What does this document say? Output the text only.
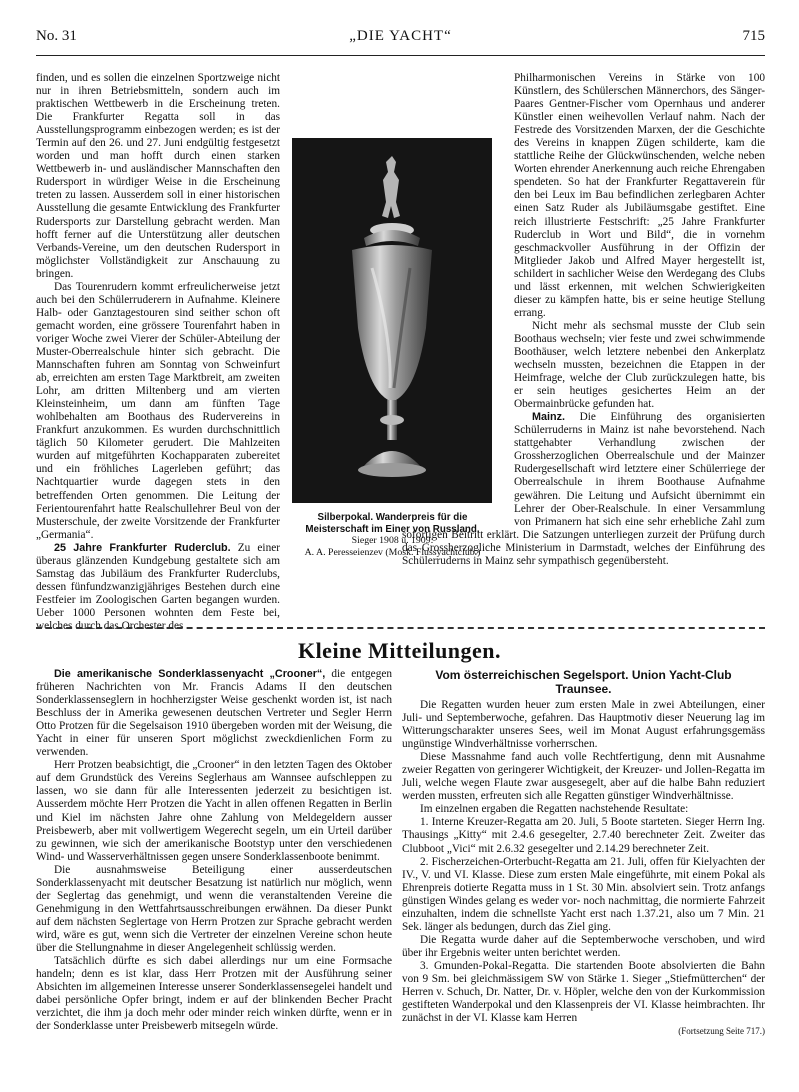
No. 31	„DIE YACHT“	715

finden, und es sollen die einzelnen Sportzweige nicht nur in ihren Betriebsmitteln, sondern auch im praktischen Wettbewerb in die Erscheinung treten. Die Frankfurter Regatta soll in das Ausstellungsprogramm einbezogen werden; es ist der Termin auf den 26. und 27. Juni endgültig festgesetzt worden und man hofft durch einen starken Wettbewerb in- und ausländischer Mannschaften den Rudersport in würdiger Weise in die Erscheinung treten zu lassen. Ausserdem soll in einer historischen Ausstellung die gesamte Entwicklung des Frankfurter Rudersports zur Darstellung gebracht werden. Man hofft ferner auf die Unterstützung aller deutschen Verbands-Vereine, um den deutschen Rudersport in möglichster Vollständigkeit zur Anschauung zu bringen.

Das Tourenrudern kommt erfreulicherweise jetzt auch bei den Schülerruderern in Aufnahme. Kleinere Halb- oder Ganztagestouren sind seither schon oft gemacht worden, eine grössere Tourenfahrt haben in voriger Woche zwei Vierer der Schüler-Abteilung der Muster-Oberrealschule hinter sich gebracht. Die Mannschaften fuhren am Sonntag von Schweinfurt ab, erreichten am ersten Tage Marktbreit, am zweiten Lohr, am dritten Miltenberg und am vierten Kleinsteinheim, um dann am fünften Tage wohlbehalten am Boothaus des Rudervereins in Frankfurt anzukommen. Es wurden durchschnittlich täglich 50 Kilometer gerudert. Die Mahlzeiten wurden auf mitgeführten Kochapparaten zubereitet und ein fröhliches Lagerleben geführt; das Nachtquartier wurde dagegen stets in den betreffenden Orten genommen. Die Leitung der Ferientourenfahrt hatte Realschullehrer Beul von der Musterschule, der zweite Vorsitzende der Frankfurter „Germania“.

25 Jahre Frankfurter Ruderclub. Zu einer überaus glänzenden Kundgebung gestaltete sich am Samstag das Jubiläum des Frankfurter Ruderclubs, dessen fünfundzwanzigjähriges Bestehen durch eine Festfeier im Zoologischen Garten begangen wurden. Ueber 1000 Personen wohnten dem Feste bei, welches durch das Orchester des

Philharmonischen Vereins in Stärke von 100 Künstlern, des Schülerschen Männerchors, des Sänger-Paares Gentner-Fischer vom Opernhaus und anderer Künstler einen weihevollen Verlauf nahm. Nach der Festrede des Vorsitzenden Marxen, der die Geschichte des Vereins in knappen Zügen schilderte, kam die stattliche Reihe der Glückwünschenden, welche neben Worten ehrender Anerkennung auch reiche Ehrengaben spendeten. So hat der Frankfurter Regattaverein für den bei Leux im Bau befindlichen zerlegbaren Achter einen Satz Ruder als Jubiläumsgabe gestiftet. Eine reich illustrierte Festschrift: „25 Jahre Frankfurter Ruderclub in Wort und Bild“, die in vornehm geschmackvoller Ausführung in der Offizin der Mitglieder Jakob und Alfred Mayer hergestellt ist, schildert in sachlicher Weise den Werdegang des Clubs und lässt erkennen, mit welchen Schwierigkeiten dieser zu kämpfen hatte, bis er seine heutige Stellung errang.

Nicht mehr als sechsmal musste der Club sein Boothaus wechseln; vier feste und zwei schwimmende Boothäuser, welch letztere nebenbei den Ankerplatz wechseln mussten, bezeichnen die Etappen in der Heimfrage, welche der Club zurückzulegen hatte, bis er sein heutiges gesichertes Heim an der Obermainbrücke gefunden hat.

Mainz. Die Einführung des organisierten Schülerruderns in Mainz ist nahe bevorstehend. Nach stattgehabter Verhandlung zwischen der Grossherzoglichen Oberrealschule und der Mainzer Rudergesellschaft wird letztere einer Schülerriege der Oberrealschule in ihrem Boothause Aufnahme gewähren. Die Leitung und Aufsicht übernimmt ein Lehrer der Ober-Realschule. In einer Versammlung von Primanern hat sich eine sehr erhebliche Zahl zum sofortigen Beitritt erklärt. Die Satzungen unterliegen zurzeit der Prüfung durch das Grossherzogliche Ministerium in Darmstadt, welches der Einführung des Schülerruderns in Mainz sehr sympathisch gegenübersteht.

Silberpokal. Wanderpreis für die Meisterschaft im Einer von Russland.
Sieger 1908 u. 1909:
A. A. Peresseienzev (Mosk. Flussyachtclub.)
Kleine Mitteilungen.

Die amerikanische Sonderklassenyacht „Crooner“, die entgegen früheren Nachrichten von Mr. Francis Adams II den deutschen Sonderklassenseglern in hochherzigster Weise geschenkt worden ist, ist nach Beschluss der in Amerika gewesenen deutschen Vertreter und Segler Herrn Otto Protzen für die Segelsaison 1910 übergeben worden mit der Weisung, die Yacht in einer für unseren Sport möglichst zweckdienlichen Form zu verwenden.

Herr Protzen beabsichtigt, die „Crooner“ in den letzten Tagen des Oktober auf dem Grundstück des Vereins Seglerhaus am Wannsee aufschleppen zu lassen, wo sie dann für alle Interessenten jederzeit zu besichtigen ist. Ausserdem möchte Herr Protzen die Yacht in allen offenen Regatten in Berlin und Kiel im nächsten Jahre ohne Zahlung von Meldegeldern ausser Preisbewerb, aber mit vollwertigem Wegerecht segeln, um ein Urteil darüber zu gewinnen, wie sich der amerikanische Bootstyp unter den verschiedenen Wind- und Wasserverhältnissen gegen unsere Sonderklassenboote benimmt.

Die ausnahmsweise Beteiligung einer ausserdeutschen Sonderklassenyacht mit deutscher Besatzung ist natürlich nur möglich, wenn der Seglertag das genehmigt, und wenn die veranstaltenden Vereine die Genehmigung in den Wettfahrtsausschreibungen erwähnen. Da dieser Punkt auf dem nächsten Seglertage von Herrn Protzen zur Sprache gebracht werden wird, wäre es gut, wenn sich die Vertreter der einzelnen Vereine schon heute über die Stellungnahme in dieser Angelegenheit schlüssig werden.

Tatsächlich dürfte es sich dabei allerdings nur um eine Formsache handeln; denn es ist klar, dass Herr Protzen mit der Ausführung seiner Absichten im allgemeinen Interesse unserer Sonderklassensegelei handelt und dabei persönliche Opfer bringt, indem er auf der blinkenden Becher Pracht verzichtet, die ihm ja doch mehr oder minder reich winken dürfte, wenn er in der Sonderklasse unter Preisbewerb mitsegeln würde.

Vom österreichischen Segelsport. Union Yacht-Club
Traunsee.

Die Regatten wurden heuer zum ersten Male in zwei Abteilungen, einer Juli- und Septemberwoche, gefahren. Das Hauptmotiv dieser Neuerung lag im Witterungscharakter unseres Sees, weil im Monat August erfahrungsgemäss ungünstige Windverhältnisse vorherrschen.

Diese Massnahme fand auch volle Rechtfertigung, denn mit Ausnahme zweier Regatten von geringerer Wichtigkeit, der Kreuzer- und Jollen-Regatta im Juli, welche wegen Flaute zwar ausgesegelt, aber auf die halbe Bahn reduziert werden mussten, erfreuten sich alle Regatten günstiger Windverhältnisse.

Im einzelnen ergaben die Regatten nachstehende Resultate:

1. Interne Kreuzer-Regatta am 20. Juli, 5 Boote starteten. Sieger Herrn Ing. Thausings „Kitty“ mit 2.4.6 gesegelter, 2.7.40 berechneter Zeit. Zweiter das Clubboot „Vici“ mit 2.6.32 gesegelter und 2.14.29 berechneter Zeit.

2. Fischerzeichen-Orterbucht-Regatta am 21. Juli, offen für Kielyachten der IV., V. und VI. Klasse. Diese zum ersten Male eingeführte, mit einem Pokal als Ehrenpreis dotierte Regatta muss in 1 St. 30 Min. absolviert sein. Trotz anfangs günstigen Windes gelang es weder vor- noch nachmittag, die normierte Fahrzeit einzuhalten, indem die schnellste Yacht erst nach 1.37.21, also um 7 Min. 21 Sek. länger als bedungen, durch das Ziel ging.

Die Regatta wurde daher auf die Septemberwoche verschoben, und wird über ihr Ergebnis weiter unten berichtet werden.

3. Gmunden-Pokal-Regatta. Die startenden Boote absolvierten die Bahn von 9 Sm. bei gleichmässigem SW von Stärke 1. Sieger „Stiefmütterchen“ der Herren v. Schuch, Dr. Natter, Dr. v. Höpler, welche den von der Kurkommission gestifteten Wanderpokal und den Klassenpreis der VI. Klasse heimbrachten. Ihr zunächst in der VI. Klasse kam Herren

(Fortsetzung Seite 717.)
